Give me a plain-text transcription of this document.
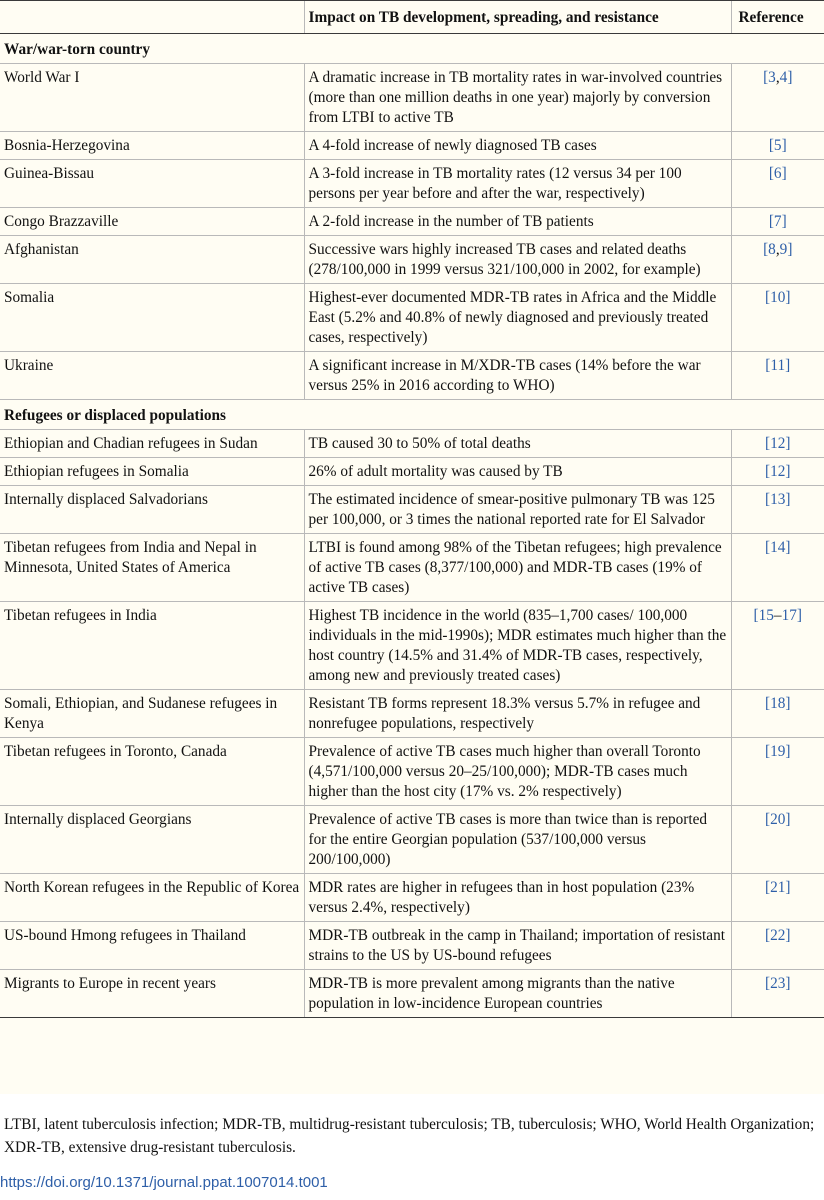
	Impact on TB development, spreading, and resistance	Reference
War/war-torn country		
World War I	A dramatic increase in TB mortality rates in war-involved countries (more than one million deaths in one year) majorly by conversion from LTBI to active TB	[3,4]
Bosnia-Herzegovina	A 4-fold increase of newly diagnosed TB cases	[5]
Guinea-Bissau	A 3-fold increase in TB mortality rates (12 versus 34 per 100 persons per year before and after the war, respectively)	[6]
Congo Brazzaville	A 2-fold increase in the number of TB patients	[7]
Afghanistan	Successive wars highly increased TB cases and related deaths (278/100,000 in 1999 versus 321/100,000 in 2002, for example)	[8,9]
Somalia	Highest-ever documented MDR-TB rates in Africa and the Middle East (5.2% and 40.8% of newly diagnosed and previously treated cases, respectively)	[10]
Ukraine	A significant increase in M/XDR-TB cases (14% before the war versus 25% in 2016 according to WHO)	[11]
Refugees or displaced populations		
Ethiopian and Chadian refugees in Sudan	TB caused 30 to 50% of total deaths	[12]
Ethiopian refugees in Somalia	26% of adult mortality was caused by TB	[12]
Internally displaced Salvadorians	The estimated incidence of smear-positive pulmonary TB was 125 per 100,000, or 3 times the national reported rate for El Salvador	[13]
Tibetan refugees from India and Nepal in Minnesota, United States of America	LTBI is found among 98% of the Tibetan refugees; high prevalence of active TB cases (8,377/100,000) and MDR-TB cases (19% of active TB cases)	[14]
Tibetan refugees in India	Highest TB incidence in the world (835–1,700 cases/ 100,000 individuals in the mid-1990s); MDR estimates much higher than the host country (14.5% and 31.4% of MDR-TB cases, respectively, among new and previously treated cases)	[15–17]
Somali, Ethiopian, and Sudanese refugees in Kenya	Resistant TB forms represent 18.3% versus 5.7% in refugee and nonrefugee populations, respectively	[18]
Tibetan refugees in Toronto, Canada	Prevalence of active TB cases much higher than overall Toronto (4,571/100,000 versus 20–25/100,000); MDR-TB cases much higher than the host city (17% vs. 2% respectively)	[19]
Internally displaced Georgians	Prevalence of active TB cases is more than twice than is reported for the entire Georgian population (537/100,000 versus 200/100,000)	[20]
North Korean refugees in the Republic of Korea	MDR rates are higher in refugees than in host population (23% versus 2.4%, respectively)	[21]
US-bound Hmong refugees in Thailand	MDR-TB outbreak in the camp in Thailand; importation of resistant strains to the US by US-bound refugees	[22]
Migrants to Europe in recent years	MDR-TB is more prevalent among migrants than the native population in low-incidence European countries	[23]
LTBI, latent tuberculosis infection; MDR-TB, multidrug-resistant tuberculosis; TB, tuberculosis; WHO, World Health Organization; XDR-TB, extensive drug-resistant tuberculosis.
https://doi.org/10.1371/journal.ppat.1007014.t001
